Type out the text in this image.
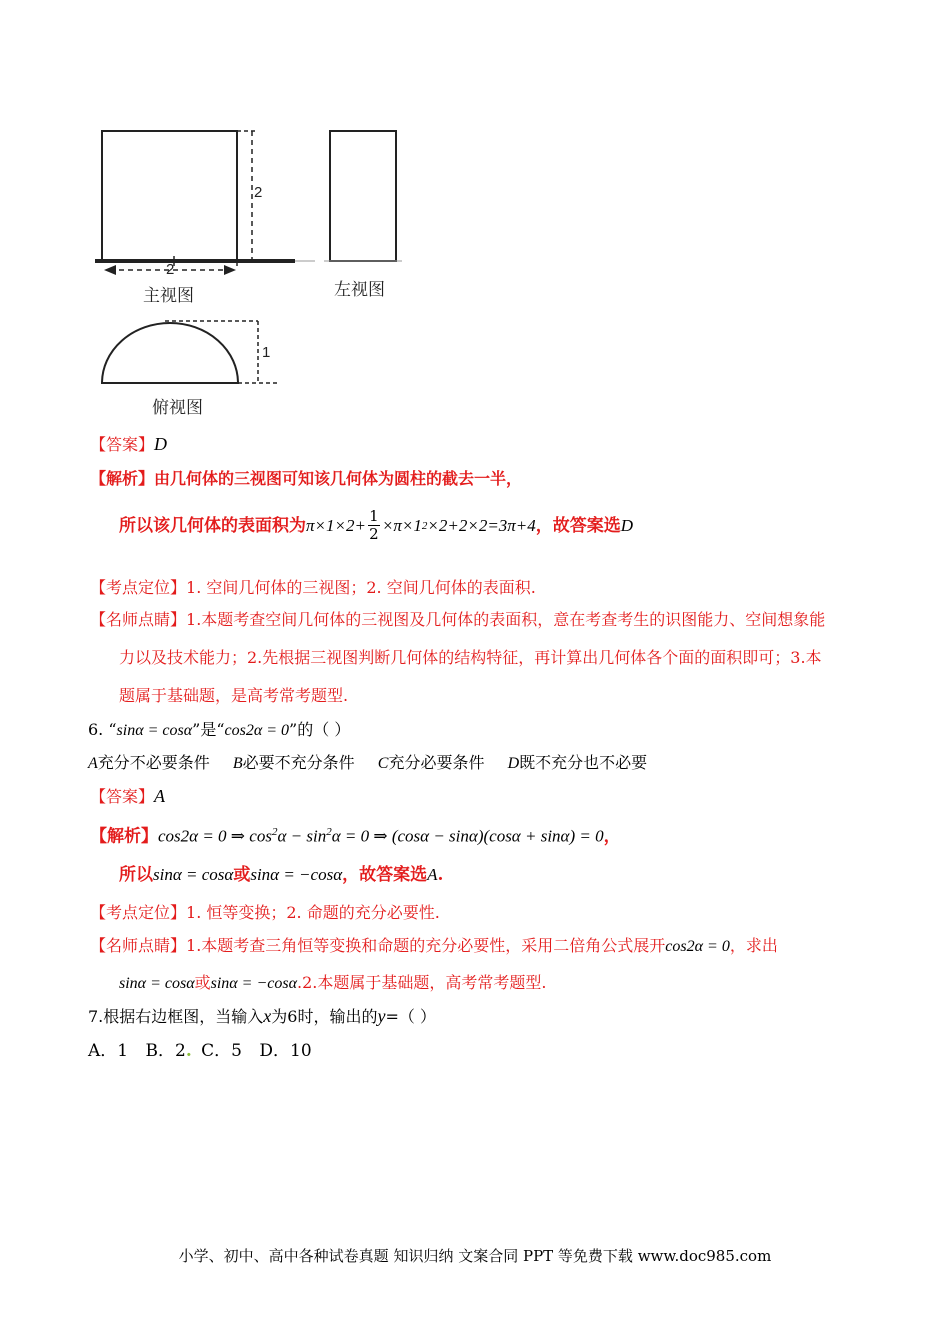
2
2
1
主视图	左视图
俯视图
【答案】D
【解析】由几何体的三视图可知该几何体为圆柱的截去一半，
所以该几何体的表面积为 $\pi\times 1\times 2+ \frac{1}{2} \times\pi\times 1$ 2 ×2+2×2=3π+4 ，故答案选 D
【考点定位】1. 空间几何体的三视图；2. 空间几何体的表面积.
【名师点睛】1.本题考查空间几何体的三视图及几何体的表面积，意在考查考生的识图能力、空间想象能
力以及技术能力；2.先根据三视图判断几何体的结构特征，再计算出几何体各个面的面积即可；3.本
题属于基础题，是高考常考题型.
6. “sinα = cosα”是“cos2α = 0”的（ ）
A充分不必要条件 B必要不充分条件 C充分必要条件 D既不充分也不必要
【答案】A
【解析】cos2α = 0 ⇒ $\cos^2\alpha - \sin^2\alpha = 0$ ⇒ (cosα − sinα)(cosα + sinα) = 0，
所以sinα = cosα或sinα = −cosα，故答案选A.
【考点定位】1. 恒等变换；2. 命题的充分必要性.
【名师点睛】1.本题考查三角恒等变换和命题的充分必要性，采用二倍角公式展开cos2α = 0，求出
sinα = cosα或sinα = −cosα.2.本题属于基础题，高考常考题型.
7.根据右边框图，当输入x为6时，输出的y=（ ）
A．1 B．2. C．5 D．10
小学、初中、高中各种试卷真题 知识归纳 文案合同 PPT 等免费下载 www.doc985.com
